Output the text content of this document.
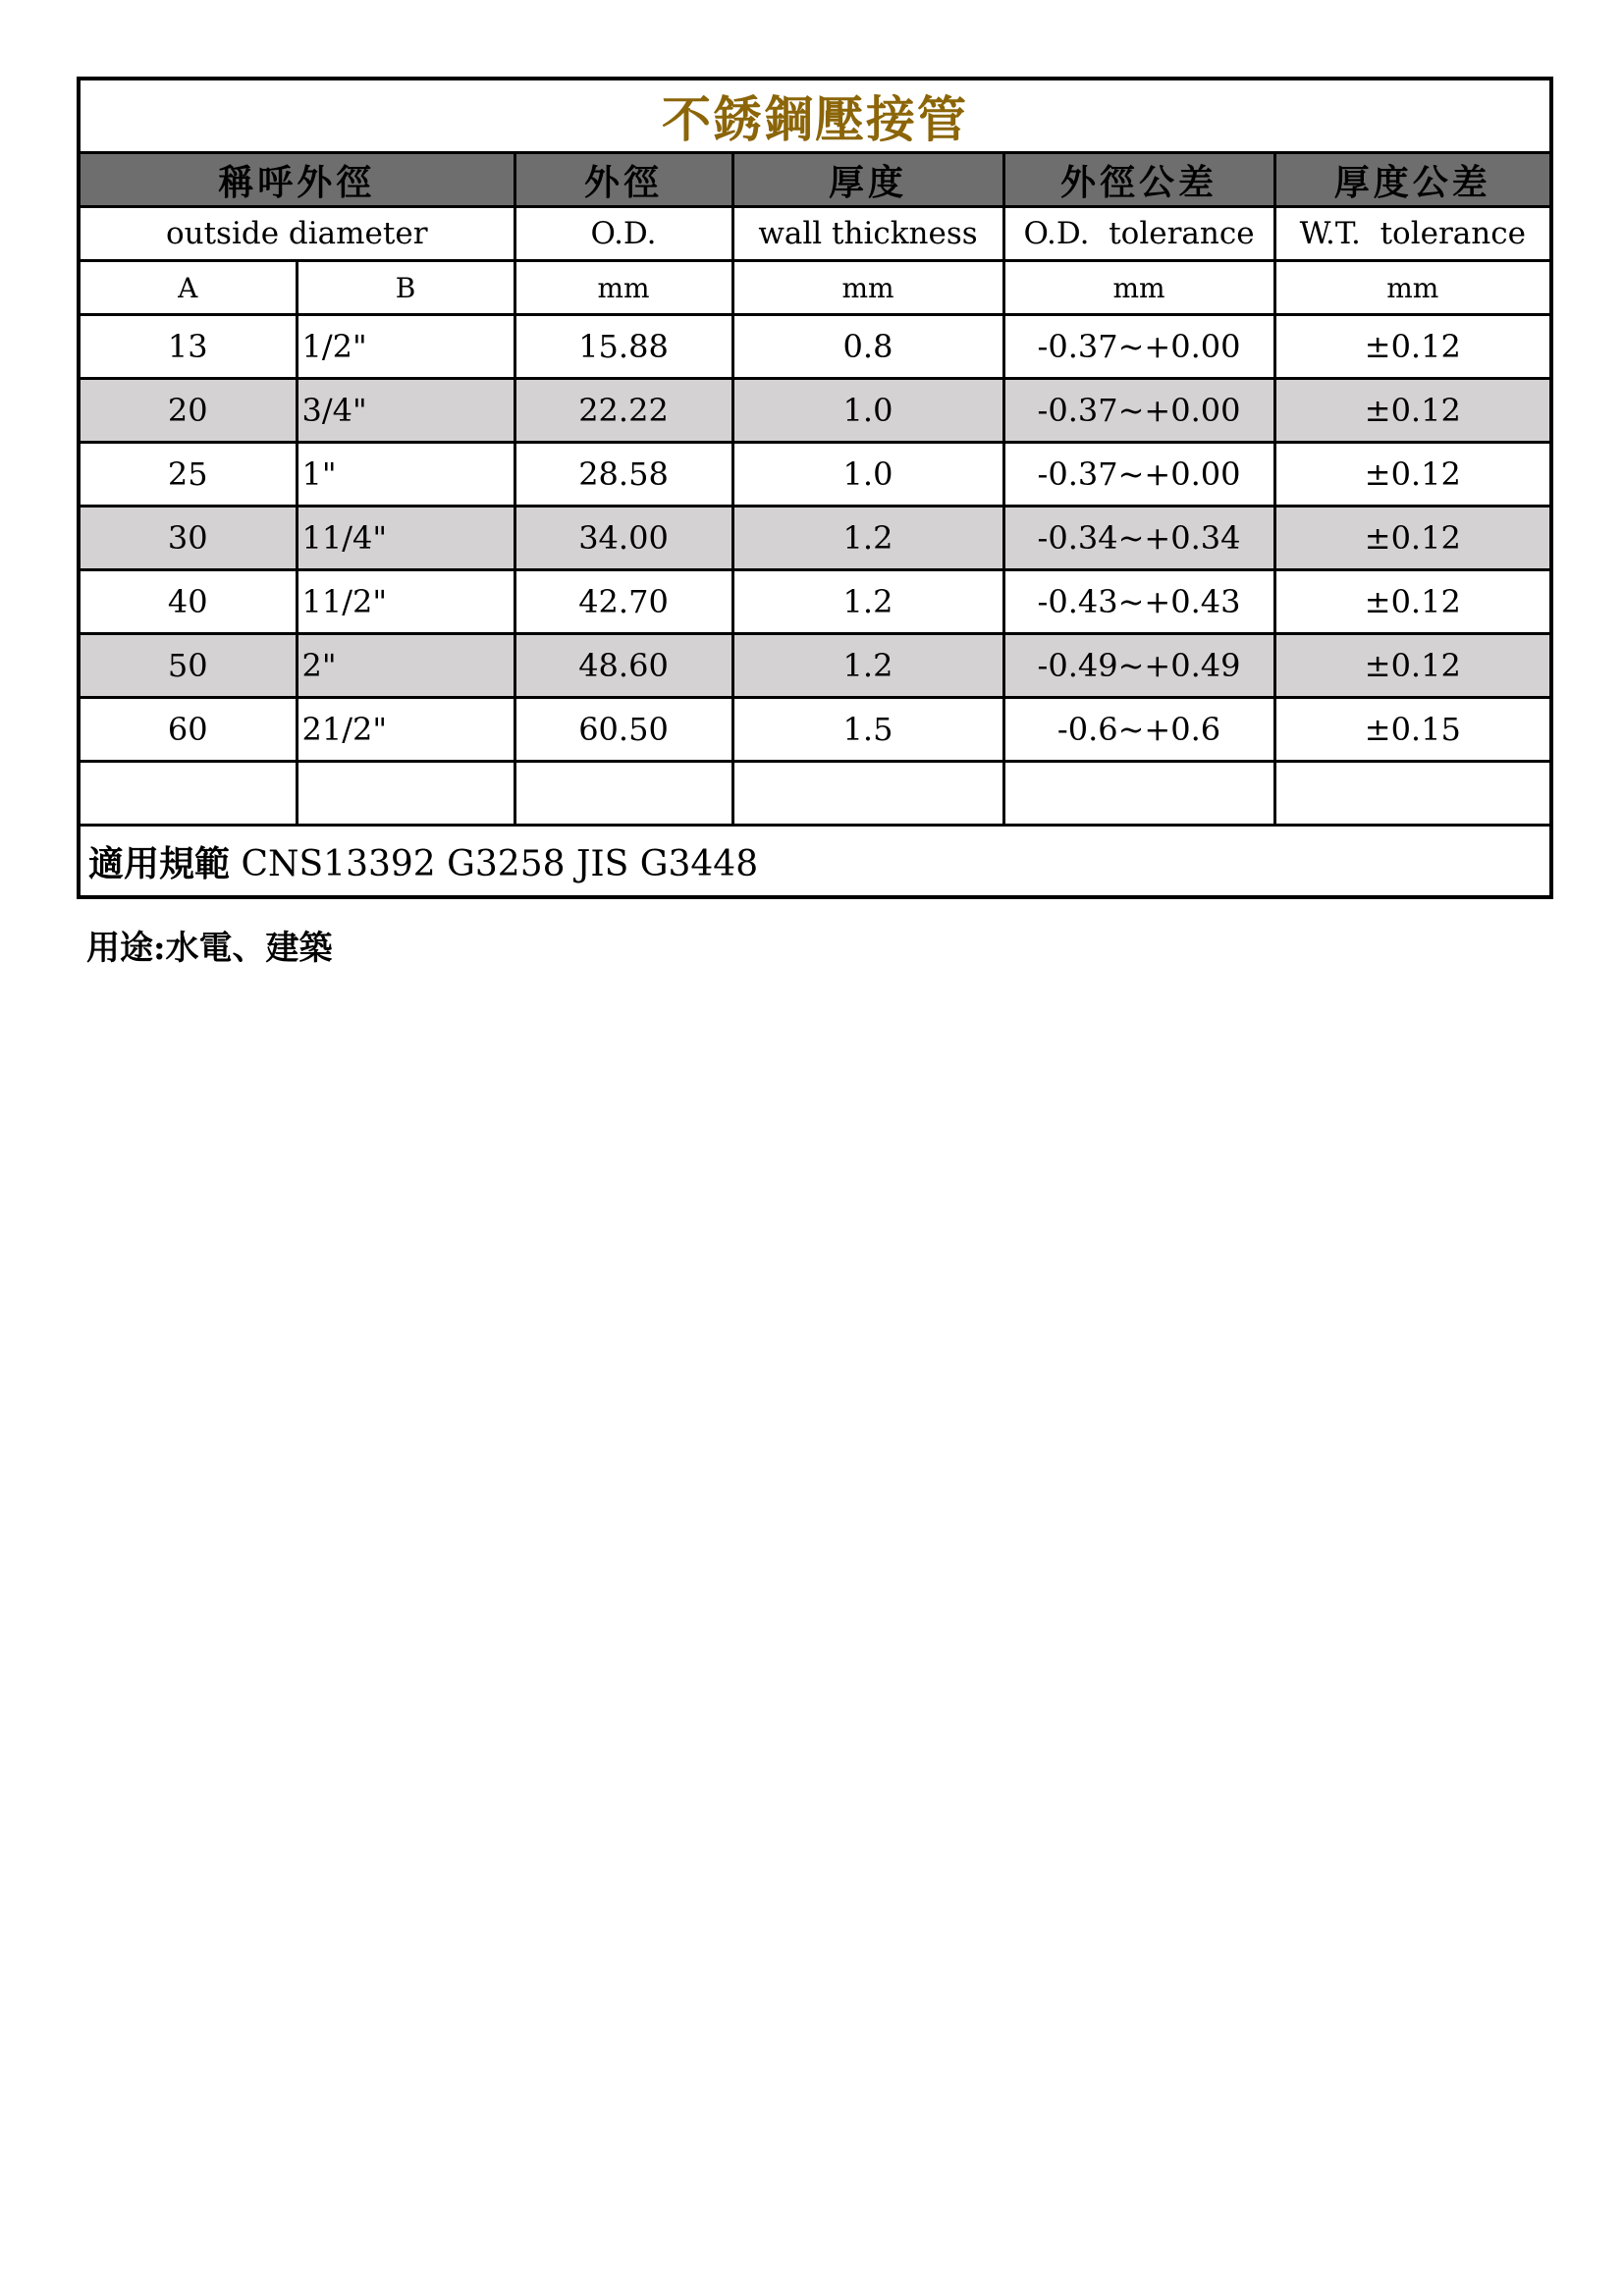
不銹鋼壓接管					
稱呼外徑		外徑	厚度	外徑公差	厚度公差
outside diameter		O.D.	wall thickness	O.D.  tolerance	W.T.  tolerance
A	B	mm	mm	mm	mm
13	1/2"	15.88	0.8	-0.37~+0.00	±0.12
20	3/4"	22.22	1.0	-0.37~+0.00	±0.12
25	1"	28.58	1.0	-0.37~+0.00	±0.12
30	11/4"	34.00	1.2	-0.34~+0.34	±0.12
40	11/2"	42.70	1.2	-0.43~+0.43	±0.12
50	2"	48.60	1.2	-0.49~+0.49	±0.12
60	21/2"	60.50	1.5	-0.6~+0.6	±0.15

適用規範 CNS13392 G3258 JIS G3448					
用途:水電、建築
